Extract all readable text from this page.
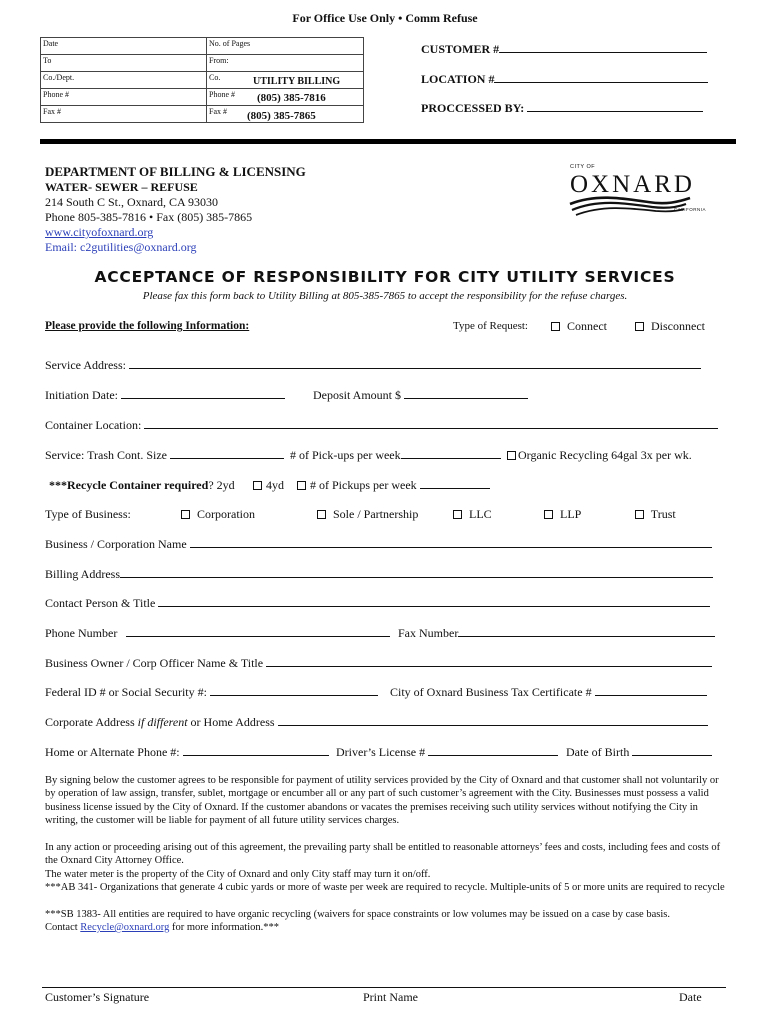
For Office Use Only • Comm Refuse
Date	No. of Pages
To	From:
Co./Dept.	Co. UTILITY BILLING

Phone #	Phone # (805) 385-7816

Fax #	Fax # (805) 385-7865
CUSTOMER #
LOCATION #
PROCCESSED BY:
DEPARTMENT OF BILLING & LICENSING
WATER- SEWER – REFUSE
214 South C St., Oxnard, CA 93030
Phone 805-385-7816 • Fax (805) 385-7865
www.cityofoxnard.org
Email: c2gutilities@oxnard.org
CITY OF
OXNARD
CALIFORNIA
ACCEPTANCE OF RESPONSIBILITY FOR CITY UTILITY SERVICES
Please fax this form back to Utility Billing at 805-385-7865 to accept the responsibility for the refuse charges.
Please provide the following Information:	Type of Request:	Connect	Disconnect
Service Address:
Initiation Date:	Deposit Amount $
Container Location:
Service: Trash Cont. Size	# of Pick-ups per week	Organic Recycling 64gal 3x per wk.
***Recycle Container required? 2yd	4yd	# of Pickups per week
Type of Business:	Corporation	Sole / Partnership	LLC	LLP	Trust
Business / Corporation Name
Billing Address
Contact Person & Title
Phone Number	Fax Number
Business Owner / Corp Officer Name & Title
Federal ID # or Social Security #:	City of Oxnard Business Tax Certificate #
Corporate Address if different or Home Address
Home or Alternate Phone #:	Driver’s License #	Date of Birth
By signing below the customer agrees to be responsible for payment of utility services provided by the City of Oxnard and that customer shall not voluntarily or by operation of law assign, transfer, sublet, mortgage or encumber all or any part of such customer’s agreement with the City. Businesses must possess a valid business license issued by the City of Oxnard. If the customer abandons or vacates the premises receiving such utility services without notifying the City in writing, the customer will be liable for payment of all future utility services charges.
In any action or proceeding arising out of this agreement, the prevailing party shall be entitled to reasonable attorneys’ fees and costs, including fees and costs of the Oxnard City Attorney Office.
The water meter is the property of the City of Oxnard and only City staff may turn it on/off.
***AB 341- Organizations that generate 4 cubic yards or more of waste per week are required to recycle. Multiple-units of 5 or more units are required to recycle
***SB 1383- All entities are required to have organic recycling (waivers for space constraints or low volumes may be issued on a case by case basis.
Contact Recycle@oxnard.org for more information.***
Customer’s Signature	Print Name	Date
